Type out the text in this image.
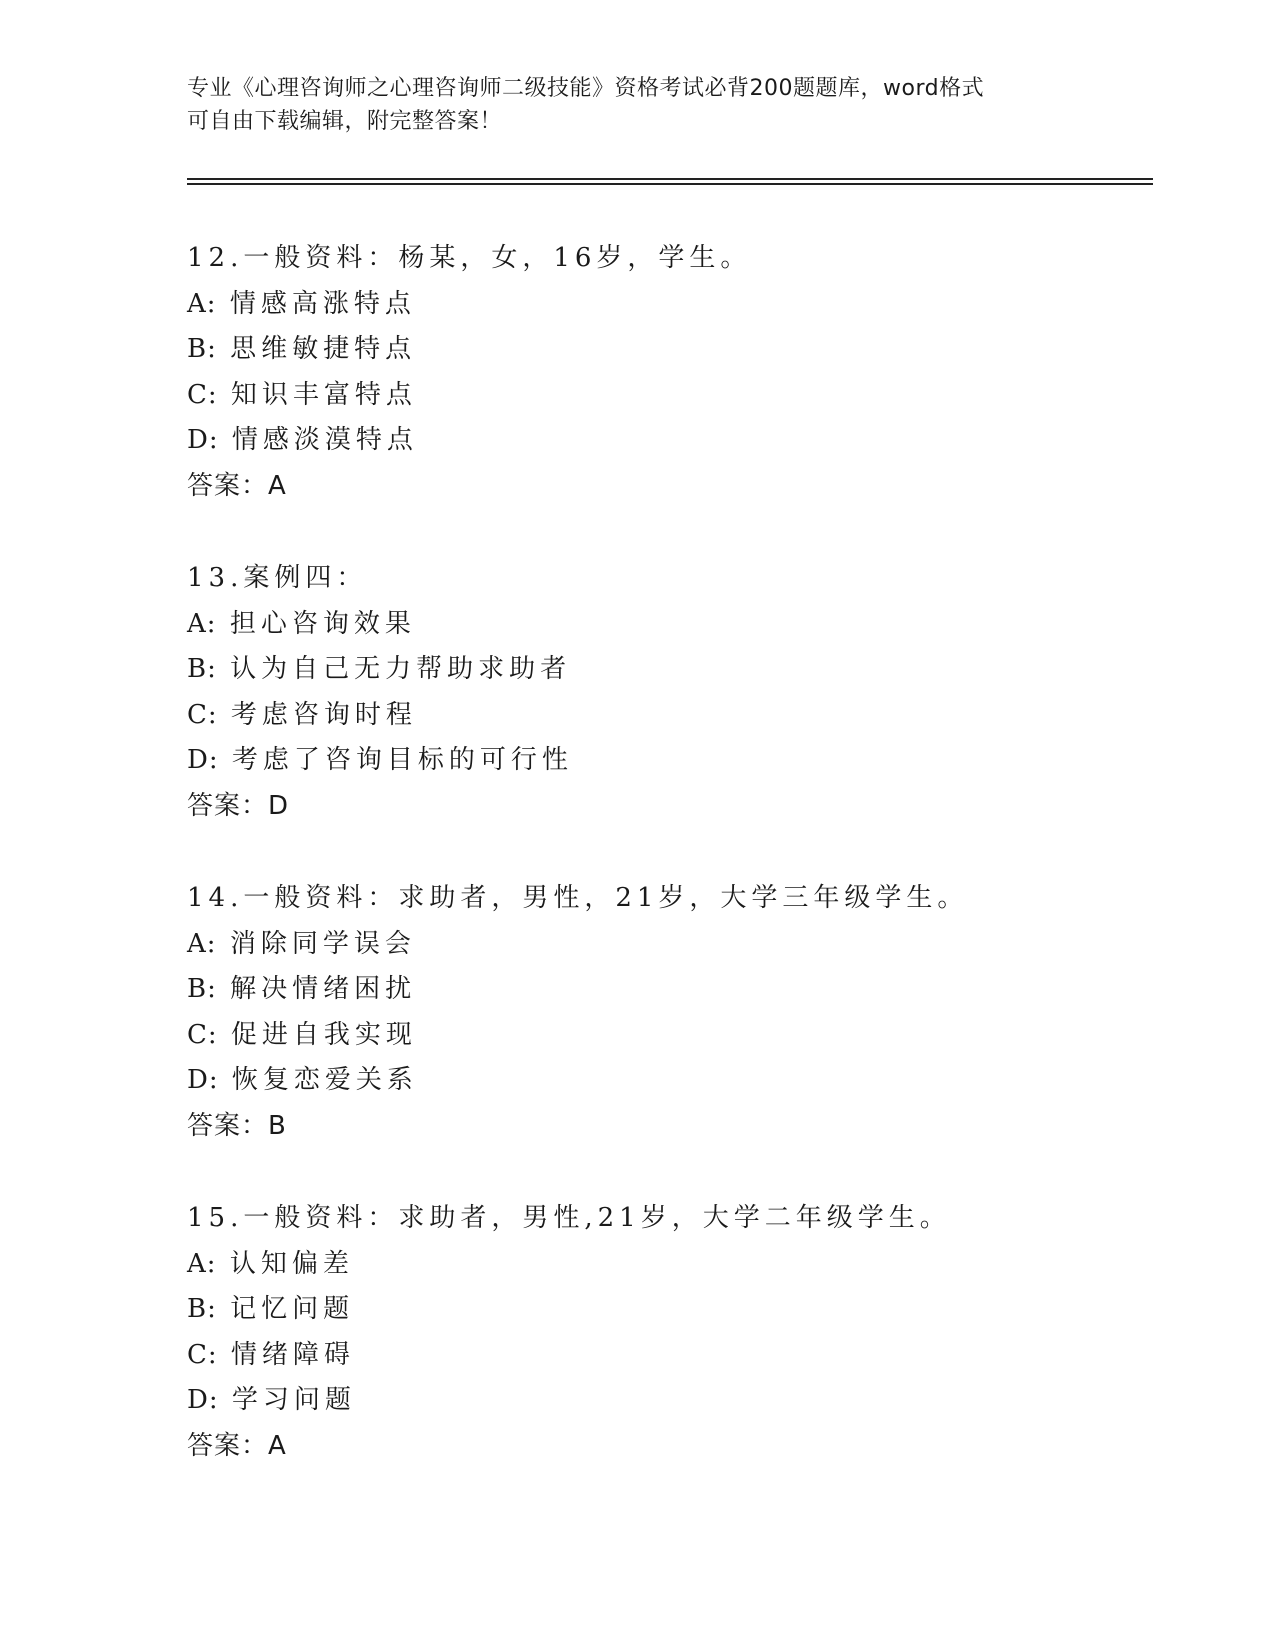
专业《心理咨询师之心理咨询师二级技能》资格考试必背200题题库，word格式
可自由下载编辑，附完整答案！
12.一般资料：杨某，女，16岁，学生。
A: 情感高涨特点
B: 思维敏捷特点
C: 知识丰富特点
D: 情感淡漠特点
答案：A
13.案例四：
A: 担心咨询效果
B: 认为自己无力帮助求助者
C: 考虑咨询时程
D: 考虑了咨询目标的可行性
答案：D
14.一般资料：求助者，男性，21岁，大学三年级学生。
A: 消除同学误会
B: 解决情绪困扰
C: 促进自我实现
D: 恢复恋爱关系
答案：B
15.一般资料：求助者，男性,21岁，大学二年级学生。
A: 认知偏差
B: 记忆问题
C: 情绪障碍
D: 学习问题
答案：A
